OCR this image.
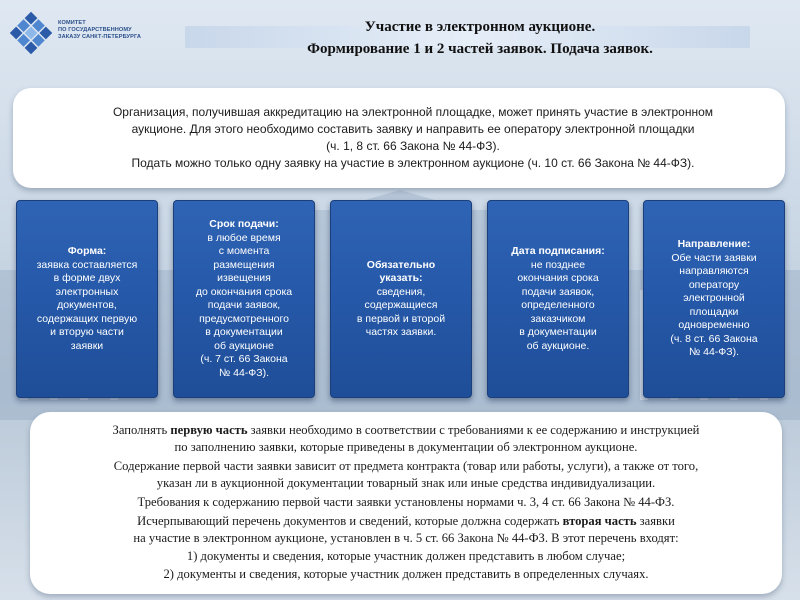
КОМИТЕТ
ПО ГОСУДАРСТВЕННОМУ
ЗАКАЗУ САНКТ-ПЕТЕРБУРГА
Участие в электронном аукционе.
Формирование 1 и 2 частей заявок. Подача заявок.
Организация, получившая аккредитацию на электронной площадке, может принять участие в электронном
аукционе. Для этого необходимо составить заявку и направить ее оператору электронной площадки
(ч. 1, 8 ст. 66 Закона № 44-ФЗ).
Подать можно только одну заявку на участие в электронном аукционе (ч. 10 ст. 66 Закона № 44-ФЗ).
Форма:
заявка составляется
в форме двух
электронных
документов,
содержащих первую
и вторую части
заявки
Срок подачи:
в любое время
с момента
размещения
извещения
до окончания срока
подачи заявок,
предусмотренного
в документации
об аукционе
(ч. 7 ст. 66 Закона
№ 44-ФЗ).
Обязательно
указать:
сведения,
содержащиеся
в первой и второй
частях заявки.
Дата подписания:
не позднее
окончания срока
подачи заявок,
определенного
заказчиком
в документации
об аукционе.
Направление:
Обе части заявки
направляются
оператору
электронной
площадки
одновременно
(ч. 8 ст. 66 Закона
№ 44-ФЗ).
Заполнять первую часть заявки необходимо в соответствии с требованиями к ее содержанию и инструкцией
по заполнению заявки, которые приведены в документации об электронном аукционе.
Содержание первой части заявки зависит от предмета контракта (товар или работы, услуги), а также от того,
указан ли в аукционной документации товарный знак или иные средства индивидуализации.
Требования к содержанию первой части заявки установлены нормами ч. 3, 4 ст. 66 Закона № 44-ФЗ.
Исчерпывающий перечень документов и сведений, которые должна содержать вторая часть заявки
на участие в электронном аукционе, установлен в ч. 5 ст. 66 Закона № 44-ФЗ. В этот перечень входят:
1) документы и сведения, которые участник должен представить в любом случае;
2) документы и сведения, которые участник должен представить в определенных случаях.
